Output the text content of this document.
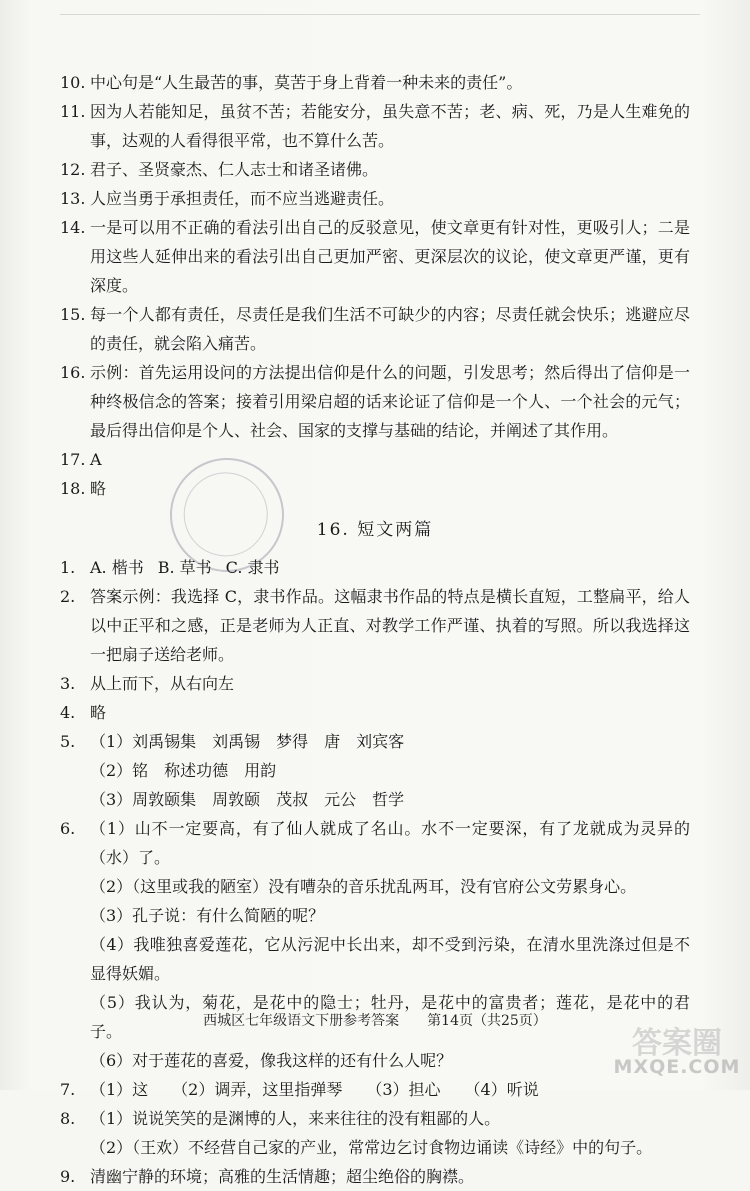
10. 中心句是“人生最苦的事，莫苦于身上背着一种未来的责任”。
11. 因为人若能知足，虽贫不苦；若能安分，虽失意不苦；老、病、死，乃是人生难免的事，达观的人看得很平常，也不算什么苦。
12. 君子、圣贤豪杰、仁人志士和诸圣诸佛。
13. 人应当勇于承担责任，而不应当逃避责任。
14. 一是可以用不正确的看法引出自己的反驳意见，使文章更有针对性，更吸引人；二是用这些人延伸出来的看法引出自己更加严密、更深层次的议论，使文章更严谨，更有深度。
15. 每一个人都有责任，尽责任是我们生活不可缺少的内容；尽责任就会快乐；逃避应尽的责任，就会陷入痛苦。
16. 示例：首先运用设问的方法提出信仰是什么的问题，引发思考；然后得出了信仰是一种终极信念的答案；接着引用梁启超的话来论证了信仰是一个人、一个社会的元气；最后得出信仰是个人、社会、国家的支撑与基础的结论，并阐述了其作用。
17. A
18. 略
16. 短文两篇
1. A. 楷书 B. 草书 C. 隶书
2. 答案示例：我选择 C，隶书作品。这幅隶书作品的特点是横长直短，工整扁平，给人以中正平和之感，正是老师为人正直、对教学工作严谨、执着的写照。所以我选择这一把扇子送给老师。
3. 从上而下，从右向左
4. 略
5. （1）刘禹锡集　刘禹锡　梦得　唐　刘宾客
（2）铭　称述功德　用韵
（3）周敦颐集　周敦颐　茂叔　元公　哲学
6. （1）山不一定要高，有了仙人就成了名山。水不一定要深，有了龙就成为灵异的（水）了。
（2）（这里或我的陋室）没有嘈杂的音乐扰乱两耳，没有官府公文劳累身心。
（3）孔子说：有什么简陋的呢？
（4）我唯独喜爱莲花，它从污泥中长出来，却不受到污染，在清水里洗涤过但是不显得妖媚。
（5）我认为，菊花，是花中的隐士；牡丹，是花中的富贵者；莲花，是花中的君子。
（6）对于莲花的喜爱，像我这样的还有什么人呢？
7. （1）这　　（2）调弄，这里指弹琴　　（3）担心　　（4）听说
8. （1）说说笑笑的是渊博的人，来来往往的没有粗鄙的人。
（2）（王欢）不经营自己家的产业，常常边乞讨食物边诵读《诗经》中的句子。
9. 清幽宁静的环境；高雅的生活情趣；超尘绝俗的胸襟。
西城区七年级语文下册参考答案　　第14页（共25页）
答案圈
MXQE.COM
